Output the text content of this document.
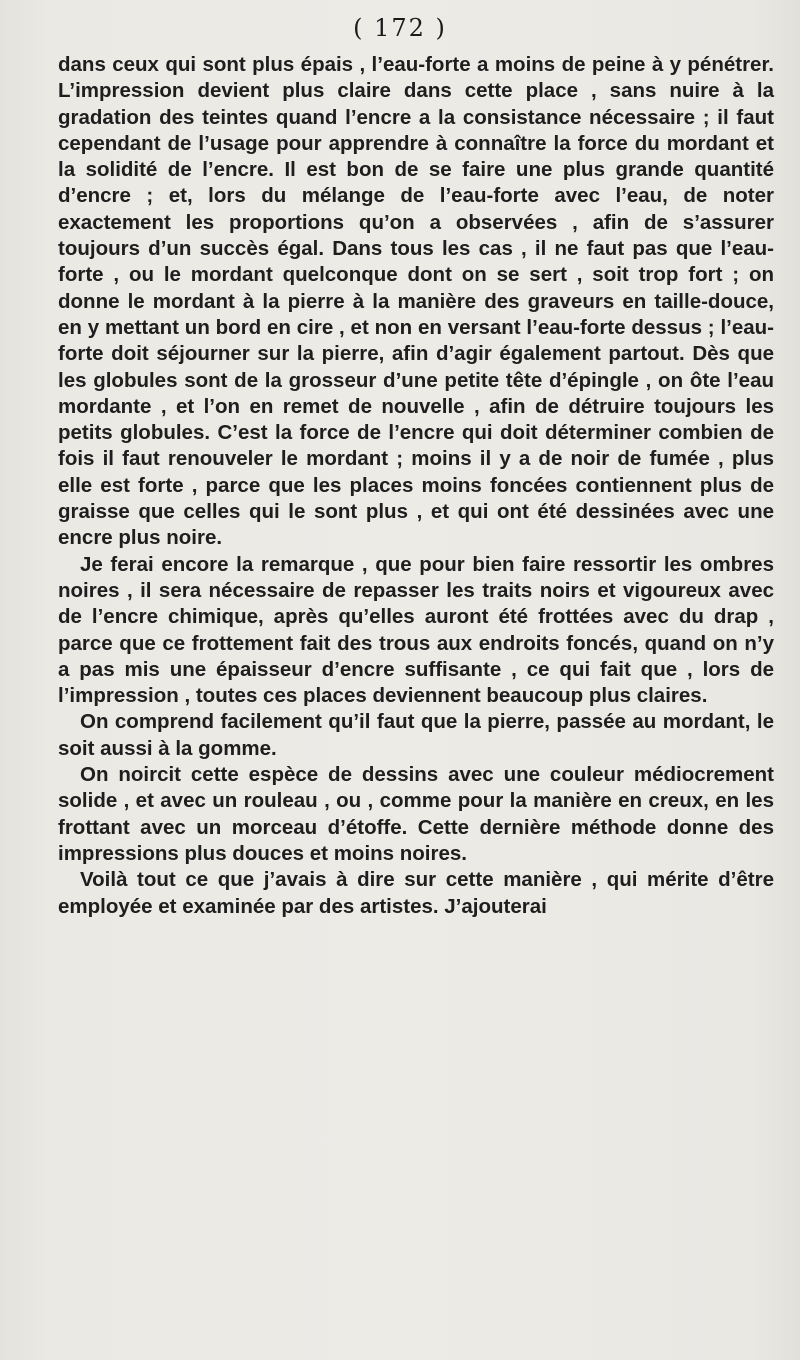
( 172 )

dans ceux qui sont plus épais , l’eau-forte a moins de peine à y pénétrer. L’impression devient plus claire dans cette place , sans nuire à la gradation des teintes quand l’encre a la consistance nécessaire ; il faut cependant de l’usage pour apprendre à connaître la force du mordant et la solidité de l’encre. Il est bon de se faire une plus grande quantité d’encre ; et, lors du mélange de l’eau-forte avec l’eau, de noter exactement les proportions qu’on a observées , afin de s’assurer toujours d’un succès égal. Dans tous les cas , il ne faut pas que l’eau-forte , ou le mordant quelconque dont on se sert , soit trop fort ; on donne le mordant à la pierre à la manière des graveurs en taille-douce, en y mettant un bord en cire , et non en versant l’eau-forte dessus ; l’eau-forte doit séjourner sur la pierre, afin d’agir également partout. Dès que les globules sont de la grosseur d’une petite tête d’épingle , on ôte l’eau mordante , et l’on en remet de nouvelle , afin de détruire toujours les petits globules. C’est la force de l’encre qui doit déterminer combien de fois il faut renouveler le mordant ; moins il y a de noir de fumée , plus elle est forte , parce que les places moins foncées contiennent plus de graisse que celles qui le sont plus , et qui ont été dessinées avec une encre plus noire.

Je ferai encore la remarque , que pour bien faire ressortir les ombres noires , il sera nécessaire de repasser les traits noirs et vigoureux avec de l’encre chimique, après qu’elles auront été frottées avec du drap , parce que ce frottement fait des trous aux endroits foncés, quand on n’y a pas mis une épaisseur d’encre suffisante , ce qui fait que , lors de l’impression , toutes ces places deviennent beaucoup plus claires.

On comprend facilement qu’il faut que la pierre, passée au mordant, le soit aussi à la gomme.

On noircit cette espèce de dessins avec une couleur médiocrement solide , et avec un rouleau , ou , comme pour la manière en creux, en les frottant avec un morceau d’étoffe. Cette dernière méthode donne des impressions plus douces et moins noires.

Voilà tout ce que j’avais à dire sur cette manière , qui mérite d’être employée et examinée par des artistes. J’ajouterai
